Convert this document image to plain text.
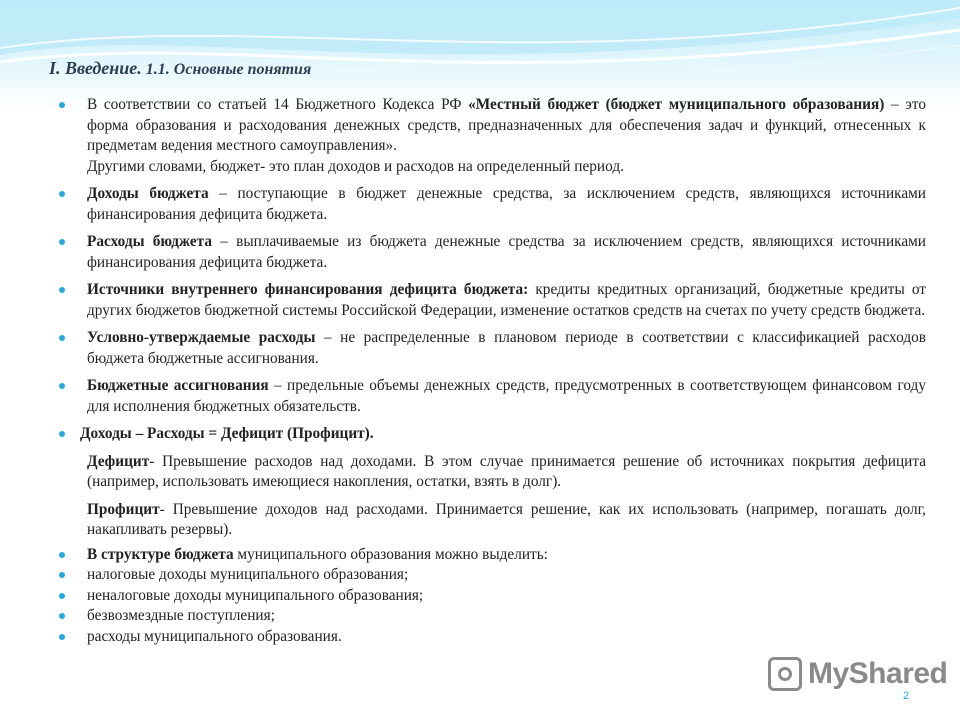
I. Введение. 1.1. Основные понятия
В соответствии со статьей 14 Бюджетного Кодекса РФ «Местный бюджет (бюджет муниципального образования) – это форма образования и расходования денежных средств, предназначенных для обеспечения задач и функций, отнесенных к предметам ведения местного самоуправления».
Другими словами, бюджет- это план доходов и расходов на определенный период.
Доходы бюджета – поступающие в бюджет денежные средства, за исключением средств, являющихся источниками финансирования дефицита бюджета.
Расходы бюджета – выплачиваемые из бюджета денежные средства за исключением средств, являющихся источниками финансирования дефицита бюджета.
Источники внутреннего финансирования дефицита бюджета: кредиты кредитных организаций, бюджетные кредиты от других бюджетов бюджетной системы Российской Федерации, изменение остатков средств на счетах по учету средств бюджета.
Условно-утверждаемые расходы – не распределенные в плановом периоде в соответствии с классификацией расходов бюджета бюджетные ассигнования.
Бюджетные ассигнования – предельные объемы денежных средств, предусмотренных в соответствующем финансовом году для исполнения бюджетных обязательств.
Доходы – Расходы = Дефицит (Профицит).
Дефицит- Превышение расходов над доходами. В этом случае принимается решение об источниках покрытия дефицита (например, использовать имеющиеся накопления, остатки, взять в долг).
Профицит- Превышение доходов над расходами. Принимается решение, как их использовать (например, погашать долг, накапливать резервы).
В структуре бюджета муниципального образования можно выделить:
налоговые доходы муниципального образования;
неналоговые доходы муниципального образования;
безвозмездные поступления;
расходы муниципального образования.
MyShared
2
